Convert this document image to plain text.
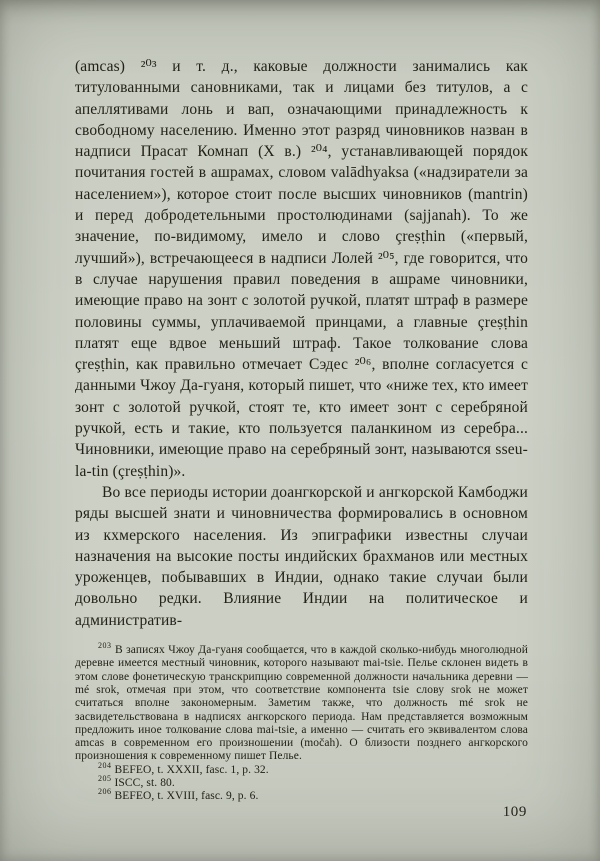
(amcas) ²⁰³ и т. д., каковые должности занимались как титулованными сановниками, так и лицами без титулов, а с апеллятивами лонь и вап, означающими принадлежность к свободному населению. Именно этот разряд чиновников назван в надписи Прасат Комнап (X в.) ²⁰⁴, устанавливающей порядок почитания гостей в ашрамах, словом valādhyaksa («надзиратели за населением»), которое стоит после высших чиновников (mantrin) и перед добродетельными простолюдинами (sajjanah). То же значение, по-видимому, имело и слово çreṣṭhin («первый, лучший»), встречающееся в надписи Лолей ²⁰⁵, где говорится, что в случае нарушения правил поведения в ашраме чиновники, имеющие право на зонт с золотой ручкой, платят штраф в размере половины суммы, уплачиваемой принцами, а главные çreṣṭhin платят еще вдвое меньший штраф. Такое толкование слова çreṣṭhin, как правильно отмечает Сэдес ²⁰⁶, вполне согласуется с данными Чжоу Да-гуаня, который пишет, что «ниже тех, кто имеет зонт с золотой ручкой, стоят те, кто имеет зонт с серебряной ручкой, есть и такие, кто пользуется паланкином из серебра... Чиновники, имеющие право на серебряный зонт, называются sseu-la-tin (çreṣṭhin)».

Во все периоды истории доангкорской и ангкорской Камбоджи ряды высшей знати и чиновничества формировались в основном из кхмерского населения. Из эпиграфики известны случаи назначения на высокие посты индийских брахманов или местных уроженцев, побывавших в Индии, однако такие случаи были довольно редки. Влияние Индии на политическое и административ-

$^{203}$ В записях Чжоу Да-гуаня сообщается, что в каждой сколько-нибудь многолюдной деревне имеется местный чиновник, которого называют mai-tsie. Пелье склонен видеть в этом слове фонетическую транскрипцию современной должности начальника деревни — mé srok, отмечая при этом, что соответствие компонента tsie слову srok не может считаться вполне закономерным. Заметим также, что должность mé srok не засвидетельствована в надписях ангкорского периода. Нам представляется возможным предложить иное толкование слова mai-tsie, а именно — считать его эквивалентом слова amcas в современном его произношении (močah). О близости позднего ангкорского произношения к современному пишет Пелье.

$^{204}$ BEFEO, t. XXXII, fasc. 1, p. 32.

$^{205}$ ISCC, st. 80.

$^{206}$ BEFEO, t. XVIII, fasc. 9, p. 6.

109
